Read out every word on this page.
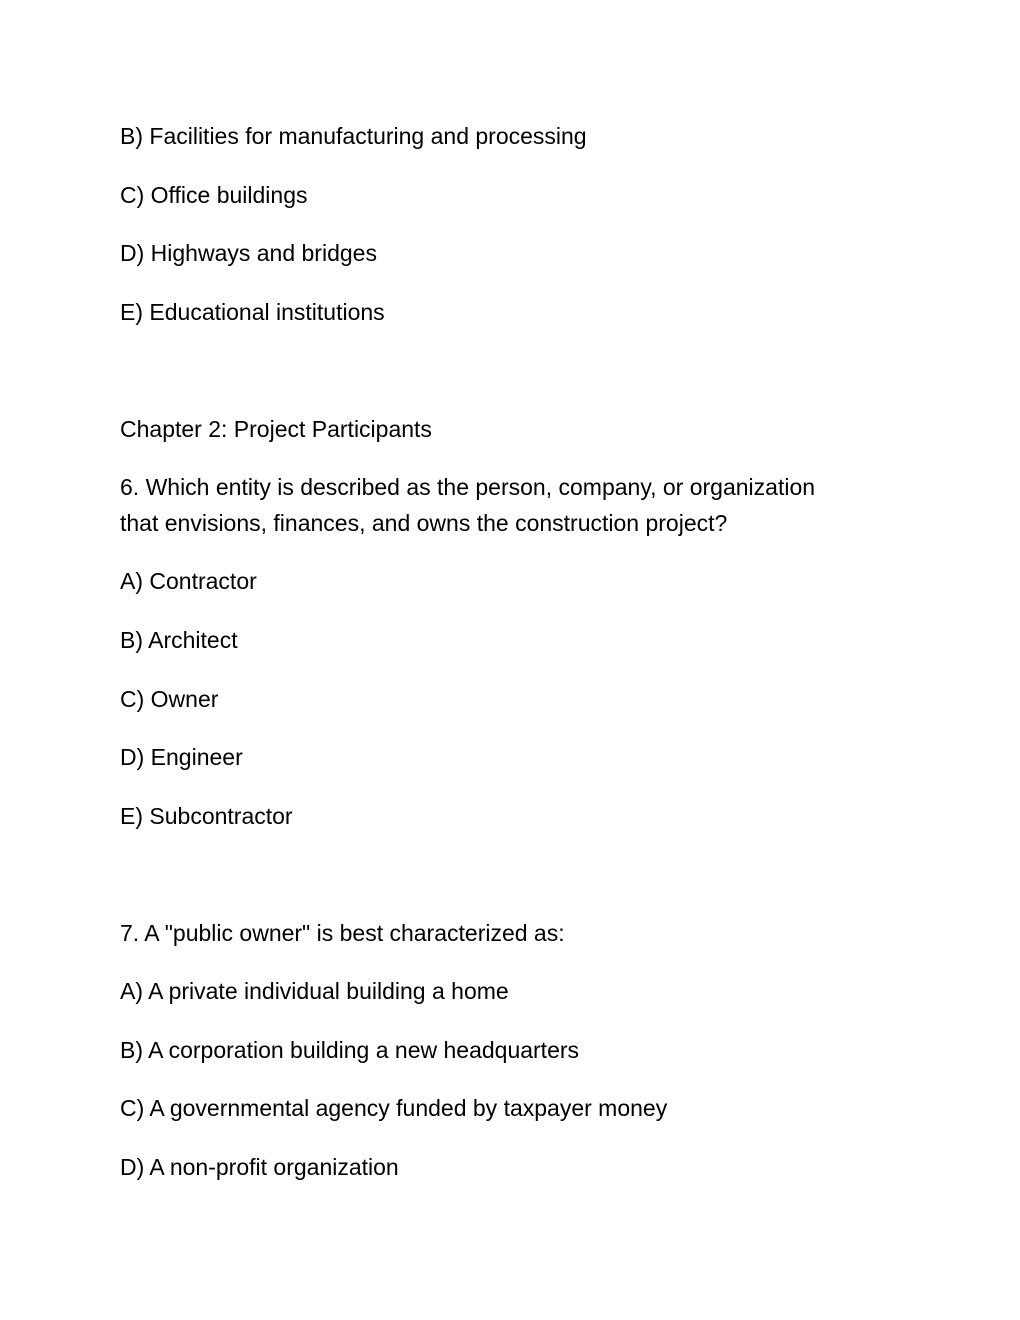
B) Facilities for manufacturing and processing
C) Office buildings
D) Highways and bridges
E) Educational institutions
Chapter 2: Project Participants
6. Which entity is described as the person, company, or organization
that envisions, finances, and owns the construction project?
A) Contractor
B) Architect
C) Owner
D) Engineer
E) Subcontractor
7. A "public owner" is best characterized as:
A) A private individual building a home
B) A corporation building a new headquarters
C) A governmental agency funded by taxpayer money
D) A non-profit organization
